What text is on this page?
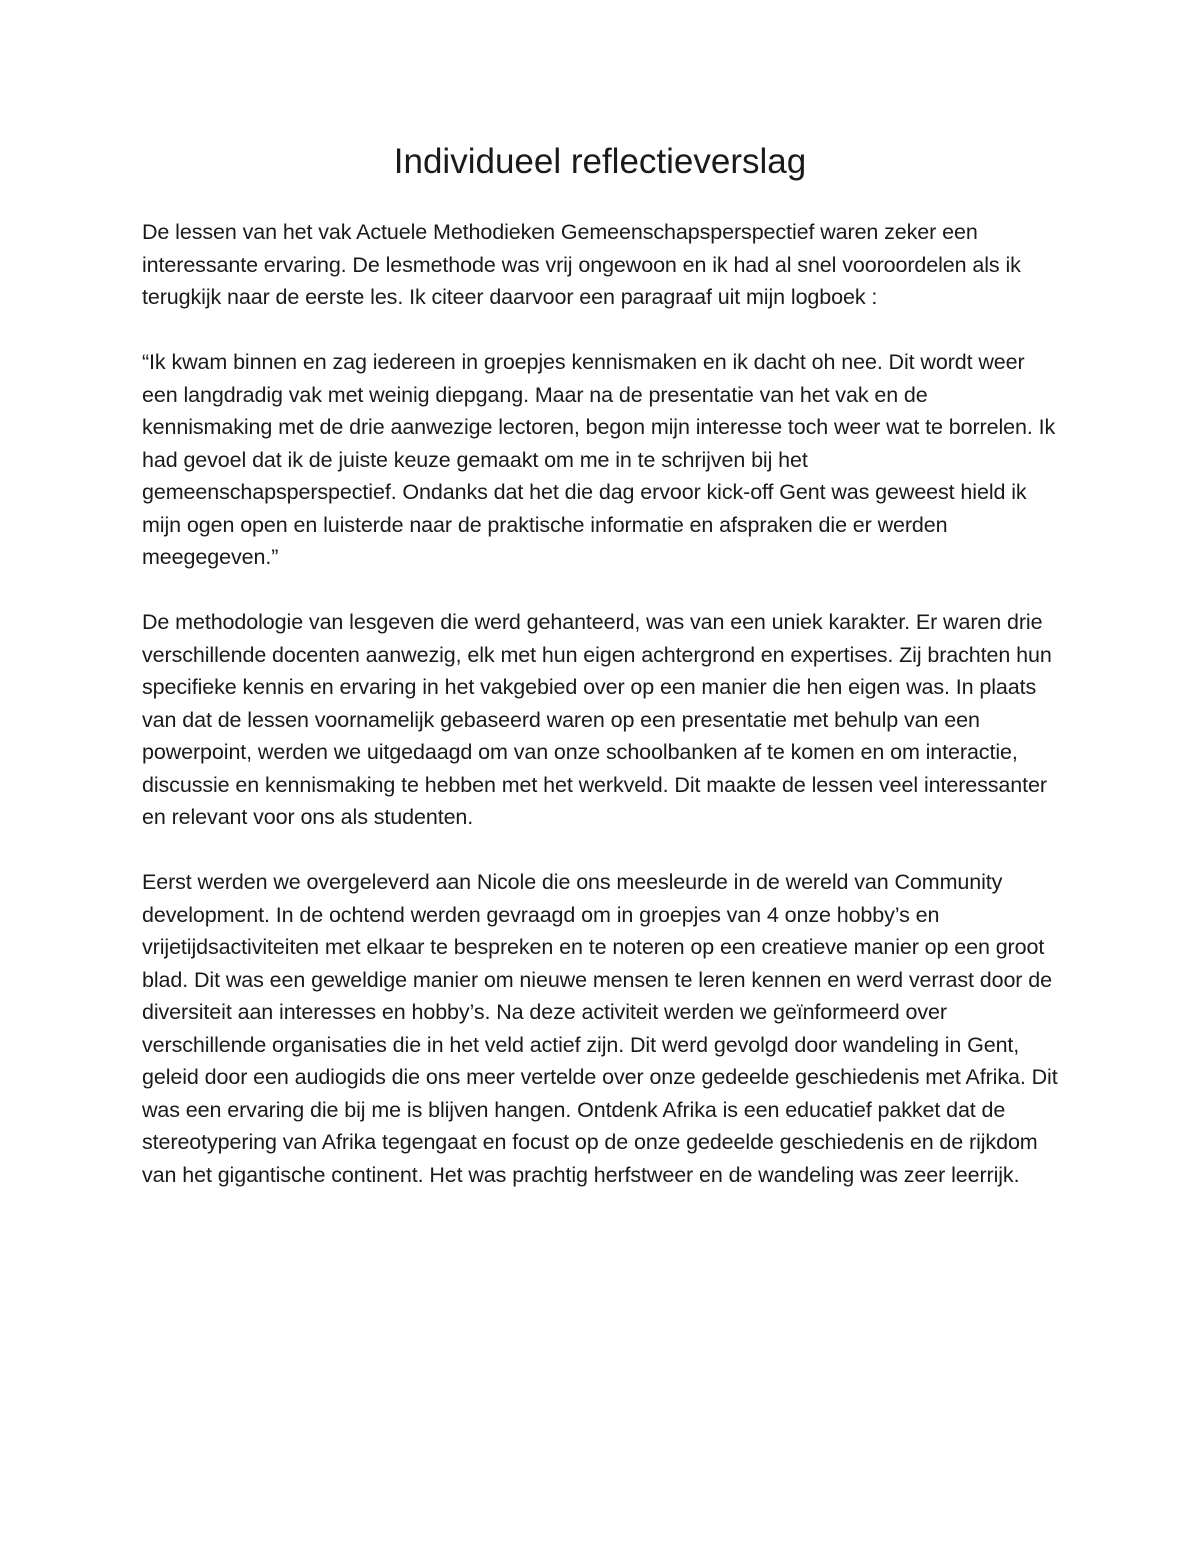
Individueel reflectieverslag

De lessen van het vak Actuele Methodieken Gemeenschapsperspectief waren zeker een interessante ervaring. De lesmethode was vrij ongewoon en ik had al snel vooroordelen als ik terugkijk naar de eerste les. Ik citeer daarvoor een paragraaf uit mijn logboek :

“Ik kwam binnen en zag iedereen in groepjes kennismaken en ik dacht oh nee. Dit wordt weer een langdradig vak met weinig diepgang. Maar na de presentatie van het vak en de kennismaking met de drie aanwezige lectoren, begon mijn interesse toch weer wat te borrelen. Ik had gevoel dat ik de juiste keuze gemaakt om me in te schrijven bij het gemeenschapsperspectief. Ondanks dat het die dag ervoor kick-off Gent was geweest hield ik mijn ogen open en luisterde naar de praktische informatie en afspraken die er werden meegegeven.”

De methodologie van lesgeven die werd gehanteerd, was van een uniek karakter. Er waren drie verschillende docenten aanwezig, elk met hun eigen achtergrond en expertises. Zij brachten hun specifieke kennis en ervaring in het vakgebied over op een manier die hen eigen was. In plaats van dat de lessen voornamelijk gebaseerd waren op een presentatie met behulp van een powerpoint, werden we uitgedaagd om van onze schoolbanken af te komen en om interactie, discussie en kennismaking te hebben met het werkveld. Dit maakte de lessen veel interessanter en relevant voor ons als studenten.

Eerst werden we overgeleverd aan Nicole die ons meesleurde in de wereld van Community development. In de ochtend werden gevraagd om in groepjes van 4 onze hobby’s en vrijetijdsactiviteiten met elkaar te bespreken en te noteren op een creatieve manier op een groot blad. Dit was een geweldige manier om nieuwe mensen te leren kennen en werd verrast door de diversiteit aan interesses en hobby’s. Na deze activiteit werden we geïnformeerd over verschillende organisaties die in het veld actief zijn. Dit werd gevolgd door wandeling in Gent, geleid door een audiogids die ons meer vertelde over onze gedeelde geschiedenis met Afrika. Dit was een ervaring die bij me is blijven hangen. Ontdenk Afrika is een educatief pakket dat de stereotypering van Afrika tegengaat en focust op de onze gedeelde geschiedenis en de rijkdom van het gigantische continent. Het was prachtig herfstweer en de wandeling was zeer leerrijk.
